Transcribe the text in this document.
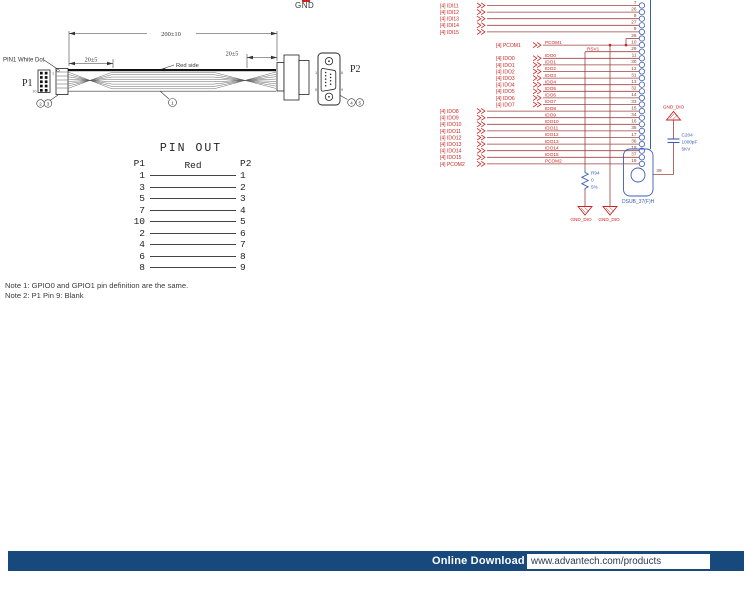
GND
PIN1 White Dot
P1
P2
200±10
20±5
20±5
Red side
1
2 3	4 5
1
10
1	6
5	9
PIN OUT
P1	Red	P2
1	1
3	2
5	3
7	4
10	5
2	6
4	7
6	8
8	9
[4] IDI11
7
[4] IDI12
26
[4] IDI13
8
[4] IDI14
27
[4] IDI15
9
28
[4] PCOM1
PCOM1	10
RSV1	29
[4] IDO0
IDO0	11
[4] IDO1
IDO1	30
[4] IDO2
IDO2	12
[4] IDO3
IDO3	31
[4] IDO4
IDO4	13
[4] IDO5
IDO5	32
[4] IDO6
IDO6	14
[4] IDO7
IDO7	33
[4] IDO8
IDO8	15
[4] IDO9
IDO9	34
[4] IDO10
IDO10	16
[4] IDO11
IDO11	35
[4] IDO12
IDO12	17
[4] IDO13
IDO13	36
[4] IDO14
IDO14	18
[4] IDO15
IDO15	37
[4] PCOM2
PCOM2	19
DSUB_37(F)H
39
GND_DIO
C204
1000pF
5KV
R94
0
5%
GND_DIO GND_DIO
Note 1: GPIO0 and GPIO1 pin definition are the same.
Note 2: P1 Pin 9: Blank
Online Download www.advantech.com/products
